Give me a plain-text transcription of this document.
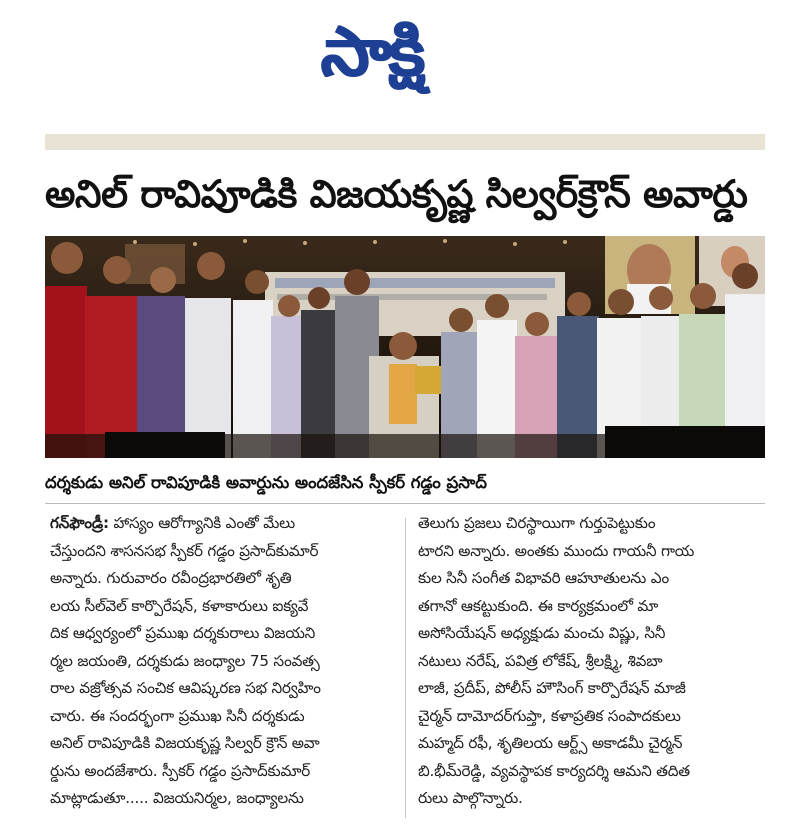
సాక్షి
అనిల్ రావిపూడికి విజయకృష్ణ సిల్వర్‌క్రౌన్ అవార్డు
దర్శకుడు అనిల్ రావిపూడికి అవార్డును అందజేసిన స్పీకర్ గడ్డం ప్రసాద్
గన్‌ఫౌండ్రీ: హాస్యం ఆరోగ్యానికి ఎంతో మేలు
చేస్తుందని శాసనసభ స్పీకర్ గడ్డం ప్రసాద్‌కుమార్
అన్నారు. గురువారం రవీంద్రభారతిలో శృతి
లయ సీల్‌వెల్ కార్పొరేషన్, కళాకారులు ఐక్యవే
దిక ఆధ్వర్యంలో ప్రముఖ దర్శకురాలు విజయని
ర్మల జయంతి, దర్శకుడు జంధ్యాల 75 సంవత్స
రాల వజ్రోత్సవ సంచిక ఆవిష్కరణ సభ నిర్వహిం
చారు. ఈ సందర్భంగా ప్రముఖ సినీ దర్శకుడు
అనిల్ రావిపూడికి విజయకృష్ణ సిల్వర్ క్రౌన్ అవా
ర్డును అందజేశారు. స్పీకర్ గడ్డం ప్రసాద్‌కుమార్
మాట్లాడుతూ..... విజయనిర్మల, జంధ్యాలను
తెలుగు ప్రజలు చిరస్థాయిగా గుర్తుపెట్టుకుం
టారని అన్నారు. అంతకు ముందు గాయనీ గాయ
కుల సినీ సంగీత విభావరి ఆహూతులను ఎం
తగానో ఆకట్టుకుంది. ఈ కార్యక్రమంలో మా
అసోసియేషన్ అధ్యక్షుడు మంచు విష్ణు, సినీ
నటులు నరేష్, పవిత్ర లోకేష్, శ్రీలక్ష్మి, శివబా
లాజీ, ప్రదీప్, పోలీస్ హౌసింగ్ కార్పొరేషన్ మాజీ
చైర్మన్ దామోదర్‌గుప్తా, కళాప్రతిక సంపాదకులు
మహ్మద్ రఫీ, శృతిలయ ఆర్ట్స్ అకాడమీ చైర్మన్
బి.భీమ్‌రెడ్డి, వ్యవస్థాపక కార్యదర్శి ఆమని తదిత
రులు పాల్గొన్నారు.
